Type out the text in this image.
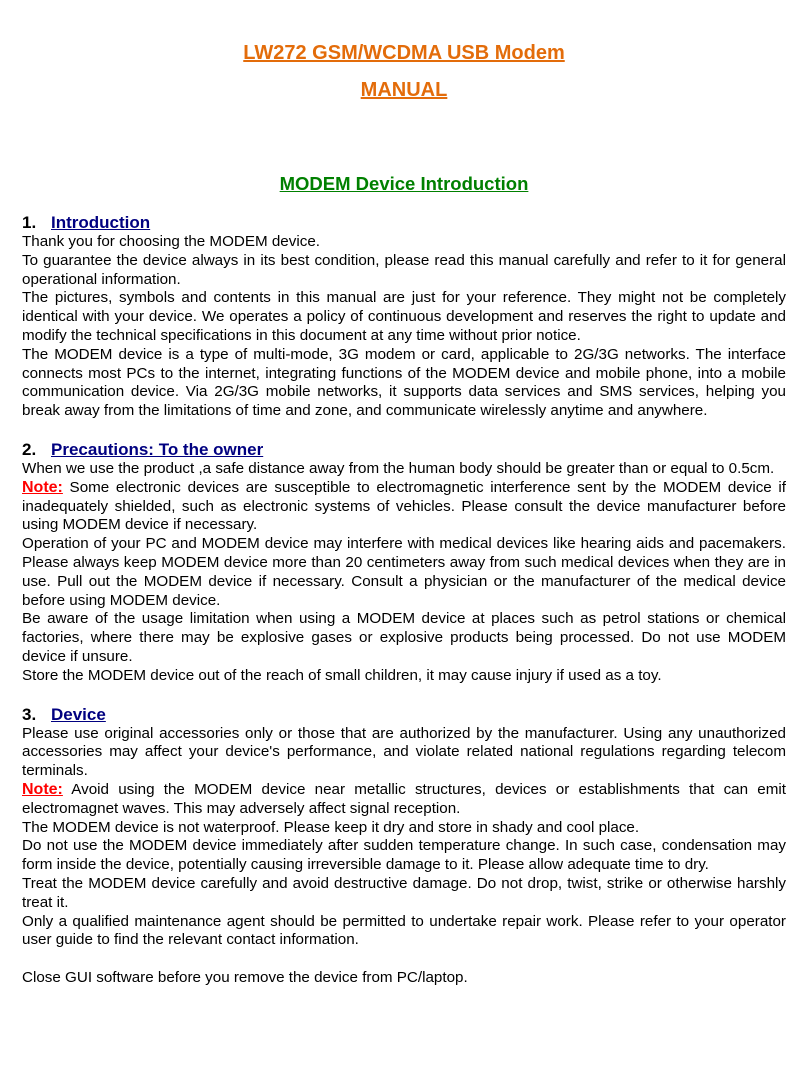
LW272 GSM/WCDMA USB Modem
MANUAL
MODEM Device Introduction
1. Introduction

Thank you for choosing the MODEM device.

To guarantee the device always in its best condition, please read this manual carefully and refer to it for general operational information.

The pictures, symbols and contents in this manual are just for your reference. They might not be completely identical with your device. We operates a policy of continuous development and reserves the right to update and modify the technical specifications in this document at any time without prior notice.

The MODEM device is a type of multi-mode, 3G modem or card, applicable to 2G/3G networks. The interface connects most PCs to the internet, integrating functions of the MODEM device and mobile phone, into a mobile communication device. Via 2G/3G mobile networks, it supports data services and SMS services, helping you break away from the limitations of time and zone, and communicate wirelessly anytime and anywhere.

2. Precautions: To the owner

When we use the product ,a safe distance away from the human body should be greater than or equal to 0.5cm.

Note: Some electronic devices are susceptible to electromagnetic interference sent by the MODEM device if inadequately shielded, such as electronic systems of vehicles. Please consult the device manufacturer before using MODEM device if necessary.

Operation of your PC and MODEM device may interfere with medical devices like hearing aids and pacemakers. Please always keep MODEM device more than 20 centimeters away from such medical devices when they are in use. Pull out the MODEM device if necessary. Consult a physician or the manufacturer of the medical device before using MODEM device.

Be aware of the usage limitation when using a MODEM device at places such as petrol stations or chemical factories, where there may be explosive gases or explosive products being processed. Do not use MODEM device if unsure.

Store the MODEM device out of the reach of small children, it may cause injury if used as a toy.

3. Device

Please use original accessories only or those that are authorized by the manufacturer. Using any unauthorized accessories may affect your device's performance, and violate related national regulations regarding telecom terminals.

Note: Avoid using the MODEM device near metallic structures, devices or establishments that can emit electromagnet waves. This may adversely affect signal reception.

The MODEM device is not waterproof. Please keep it dry and store in shady and cool place.

Do not use the MODEM device immediately after sudden temperature change. In such case, condensation may form inside the device, potentially causing irreversible damage to it. Please allow adequate time to dry.

Treat the MODEM device carefully and avoid destructive damage. Do not drop, twist, strike or otherwise harshly treat it.

Only a qualified maintenance agent should be permitted to undertake repair work. Please refer to your operator user guide to find the relevant contact information.

Close GUI software before you remove the device from PC/laptop.
